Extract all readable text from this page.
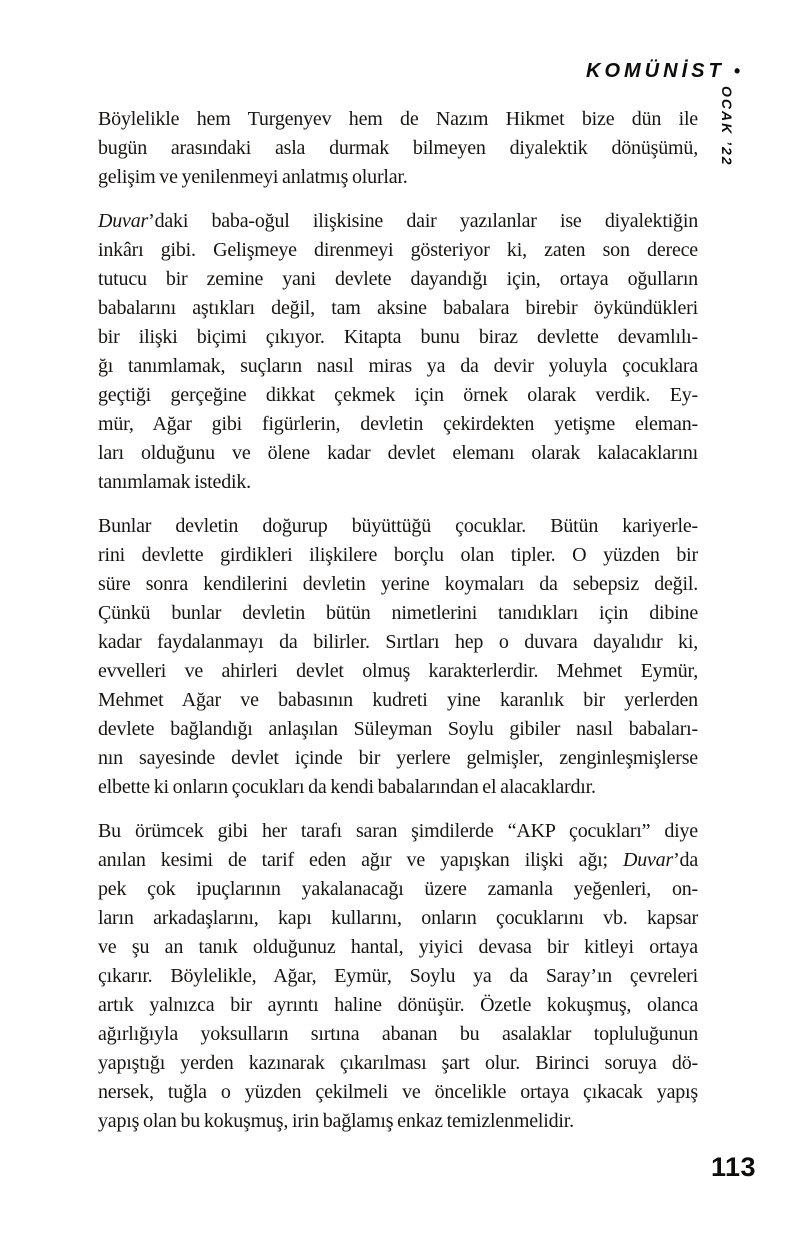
KOMÜNİST •
OCAK ’22
Böylelikle hem Turgenyev hem de Nazım Hikmet bize dün ile
bugün arasındaki asla durmak bilmeyen diyalektik dönüşümü,
gelişim ve yenilenmeyi anlatmış olurlar.
Duvar’daki baba-oğul ilişkisine dair yazılanlar ise diyalektiğin
inkârı gibi. Gelişmeye direnmeyi gösteriyor ki, zaten son derece
tutucu bir zemine yani devlete dayandığı için, ortaya oğulların
babalarını aştıkları değil, tam aksine babalara birebir öykündükleri
bir ilişki biçimi çıkıyor. Kitapta bunu biraz devlette devamlılı-
ğı tanımlamak, suçların nasıl miras ya da devir yoluyla çocuklara
geçtiği gerçeğine dikkat çekmek için örnek olarak verdik. Ey-
mür, Ağar gibi figürlerin, devletin çekirdekten yetişme eleman-
ları olduğunu ve ölene kadar devlet elemanı olarak kalacaklarını
tanımlamak istedik.
Bunlar devletin doğurup büyüttüğü çocuklar. Bütün kariyerle-
rini devlette girdikleri ilişkilere borçlu olan tipler. O yüzden bir
süre sonra kendilerini devletin yerine koymaları da sebepsiz değil.
Çünkü bunlar devletin bütün nimetlerini tanıdıkları için dibine
kadar faydalanmayı da bilirler. Sırtları hep o duvara dayalıdır ki,
evvelleri ve ahirleri devlet olmuş karakterlerdir. Mehmet Eymür,
Mehmet Ağar ve babasının kudreti yine karanlık bir yerlerden
devlete bağlandığı anlaşılan Süleyman Soylu gibiler nasıl babaları-
nın sayesinde devlet içinde bir yerlere gelmişler, zenginleşmişlerse
elbette ki onların çocukları da kendi babalarından el alacaklardır.
Bu örümcek gibi her tarafı saran şimdilerde “AKP çocukları” diye
anılan kesimi de tarif eden ağır ve yapışkan ilişki ağı; Duvar’da
pek çok ipuçlarının yakalanacağı üzere zamanla yeğenleri, on-
ların arkadaşlarını, kapı kullarını, onların çocuklarını vb. kapsar
ve şu an tanık olduğunuz hantal, yiyici devasa bir kitleyi ortaya
çıkarır. Böylelikle, Ağar, Eymür, Soylu ya da Saray’ın çevreleri
artık yalnızca bir ayrıntı haline dönüşür. Özetle kokuşmuş, olanca
ağırlığıyla yoksulların sırtına abanan bu asalaklar topluluğunun
yapıştığı yerden kazınarak çıkarılması şart olur. Birinci soruya dö-
nersek, tuğla o yüzden çekilmeli ve öncelikle ortaya çıkacak yapış
yapış olan bu kokuşmuş, irin bağlamış enkaz temizlenmelidir.
113
